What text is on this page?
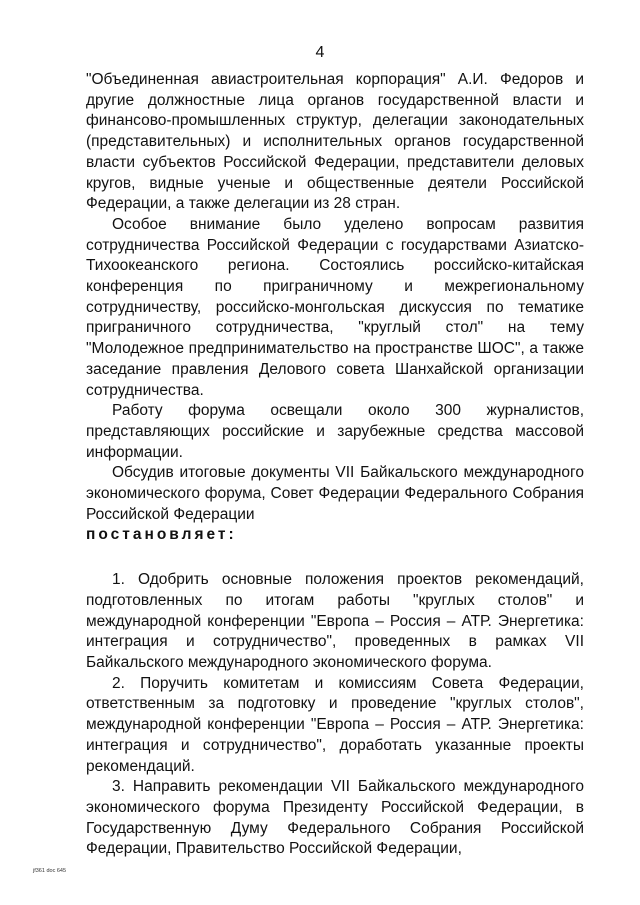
4

"Объединенная авиастроительная корпорация" А.И. Федоров и другие должностные лица органов государственной власти и финансово-промышленных структур, делегации законодательных (представительных) и исполнительных органов государственной власти субъектов Российской Федерации, представители деловых кругов, видные ученые и общественные деятели Российской Федерации, а также делегации из 28 стран.

Особое внимание было уделено вопросам развития сотрудничества Российской Федерации с государствами Азиатско-Тихоокеанского региона. Состоялись российско-китайская конференция по приграничному и межрегиональному сотрудничеству, российско-монгольская дискуссия по тематике приграничного сотрудничества, "круглый стол" на тему "Молодежное предпринимательство на пространстве ШОС", а также заседание правления Делового совета Шанхайской организации сотрудничества.

Работу форума освещали около 300 журналистов, представляющих российские и зарубежные средства массовой информации.

Обсудив итоговые документы VII Байкальского международного экономического форума, Совет Федерации Федерального Собрания Российской Федерации

постановляет:

1. Одобрить основные положения проектов рекомендаций, подготовленных по итогам работы "круглых столов" и международной конференции "Европа – Россия – АТР. Энергетика: интеграция и сотрудничество", проведенных в рамках VII Байкальского международного экономического форума.

2. Поручить комитетам и комиссиям Совета Федерации, ответственным за подготовку и проведение "круглых столов", международной конференции "Европа – Россия – АТР. Энергетика: интеграция и сотрудничество", доработать указанные проекты рекомендаций.

3. Направить рекомендации VII Байкальского международного экономического форума Президенту Российской Федерации, в Государственную Думу Федерального Собрания Российской Федерации, Правительство Российской Федерации,

jf361 doc 645
